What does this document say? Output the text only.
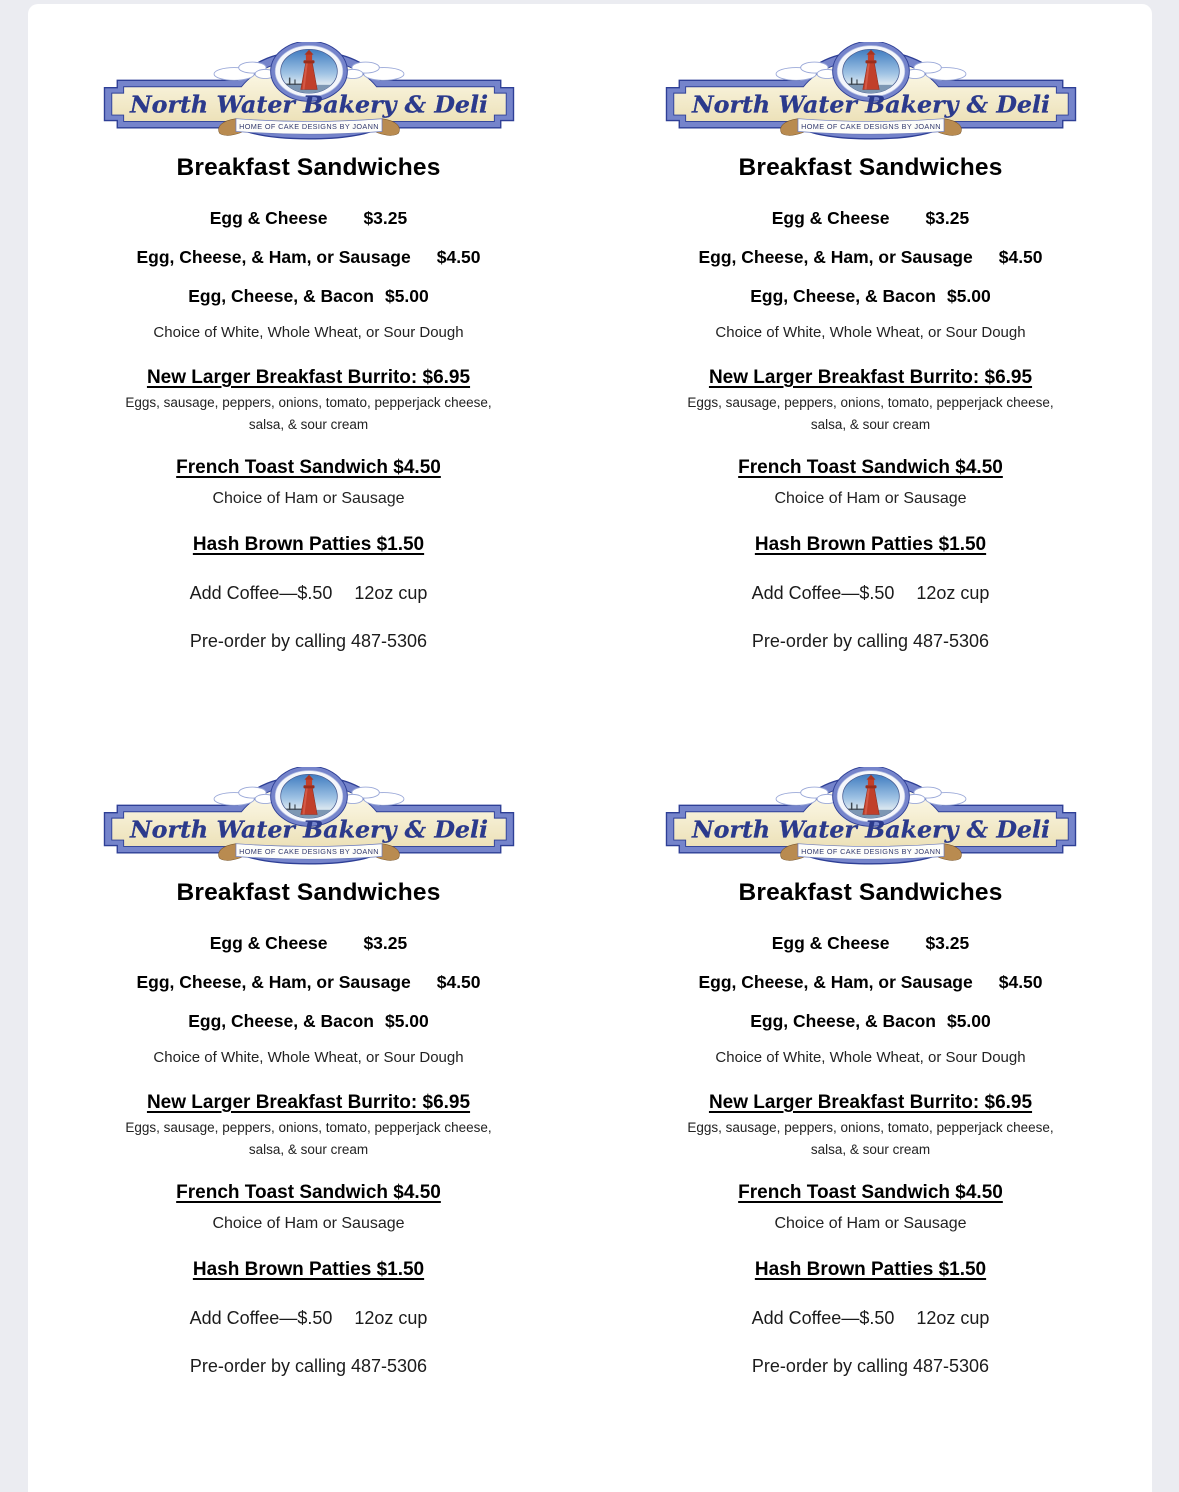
North Water Bakery & Deli
HOME OF CAKE DESIGNS BY JOANN
Breakfast Sandwiches

Egg & Cheese $3.25

Egg, Cheese, & Ham, or Sausage $4.50

Egg, Cheese, & Bacon $5.00

Choice of White, Whole Wheat, or Sour Dough

New Larger Breakfast Burrito: $6.95

Eggs, sausage, peppers, onions, tomato, pepperjack cheese,

salsa, & sour cream

French Toast Sandwich $4.50

Choice of Ham or Sausage

Hash Brown Patties $1.50

Add Coffee—$.50 12oz cup

Pre-order by calling 487-5306

North Water Bakery & Deli
HOME OF CAKE DESIGNS BY JOANN
Breakfast Sandwiches

Egg & Cheese $3.25

Egg, Cheese, & Ham, or Sausage $4.50

Egg, Cheese, & Bacon $5.00

Choice of White, Whole Wheat, or Sour Dough

New Larger Breakfast Burrito: $6.95

Eggs, sausage, peppers, onions, tomato, pepperjack cheese,

salsa, & sour cream

French Toast Sandwich $4.50

Choice of Ham or Sausage

Hash Brown Patties $1.50

Add Coffee—$.50 12oz cup

Pre-order by calling 487-5306

North Water Bakery & Deli
HOME OF CAKE DESIGNS BY JOANN
Breakfast Sandwiches

Egg & Cheese $3.25

Egg, Cheese, & Ham, or Sausage $4.50

Egg, Cheese, & Bacon $5.00

Choice of White, Whole Wheat, or Sour Dough

New Larger Breakfast Burrito: $6.95

Eggs, sausage, peppers, onions, tomato, pepperjack cheese,

salsa, & sour cream

French Toast Sandwich $4.50

Choice of Ham or Sausage

Hash Brown Patties $1.50

Add Coffee—$.50 12oz cup

Pre-order by calling 487-5306

North Water Bakery & Deli
HOME OF CAKE DESIGNS BY JOANN
Breakfast Sandwiches

Egg & Cheese $3.25

Egg, Cheese, & Ham, or Sausage $4.50

Egg, Cheese, & Bacon $5.00

Choice of White, Whole Wheat, or Sour Dough

New Larger Breakfast Burrito: $6.95

Eggs, sausage, peppers, onions, tomato, pepperjack cheese,

salsa, & sour cream

French Toast Sandwich $4.50

Choice of Ham or Sausage

Hash Brown Patties $1.50

Add Coffee—$.50 12oz cup

Pre-order by calling 487-5306
